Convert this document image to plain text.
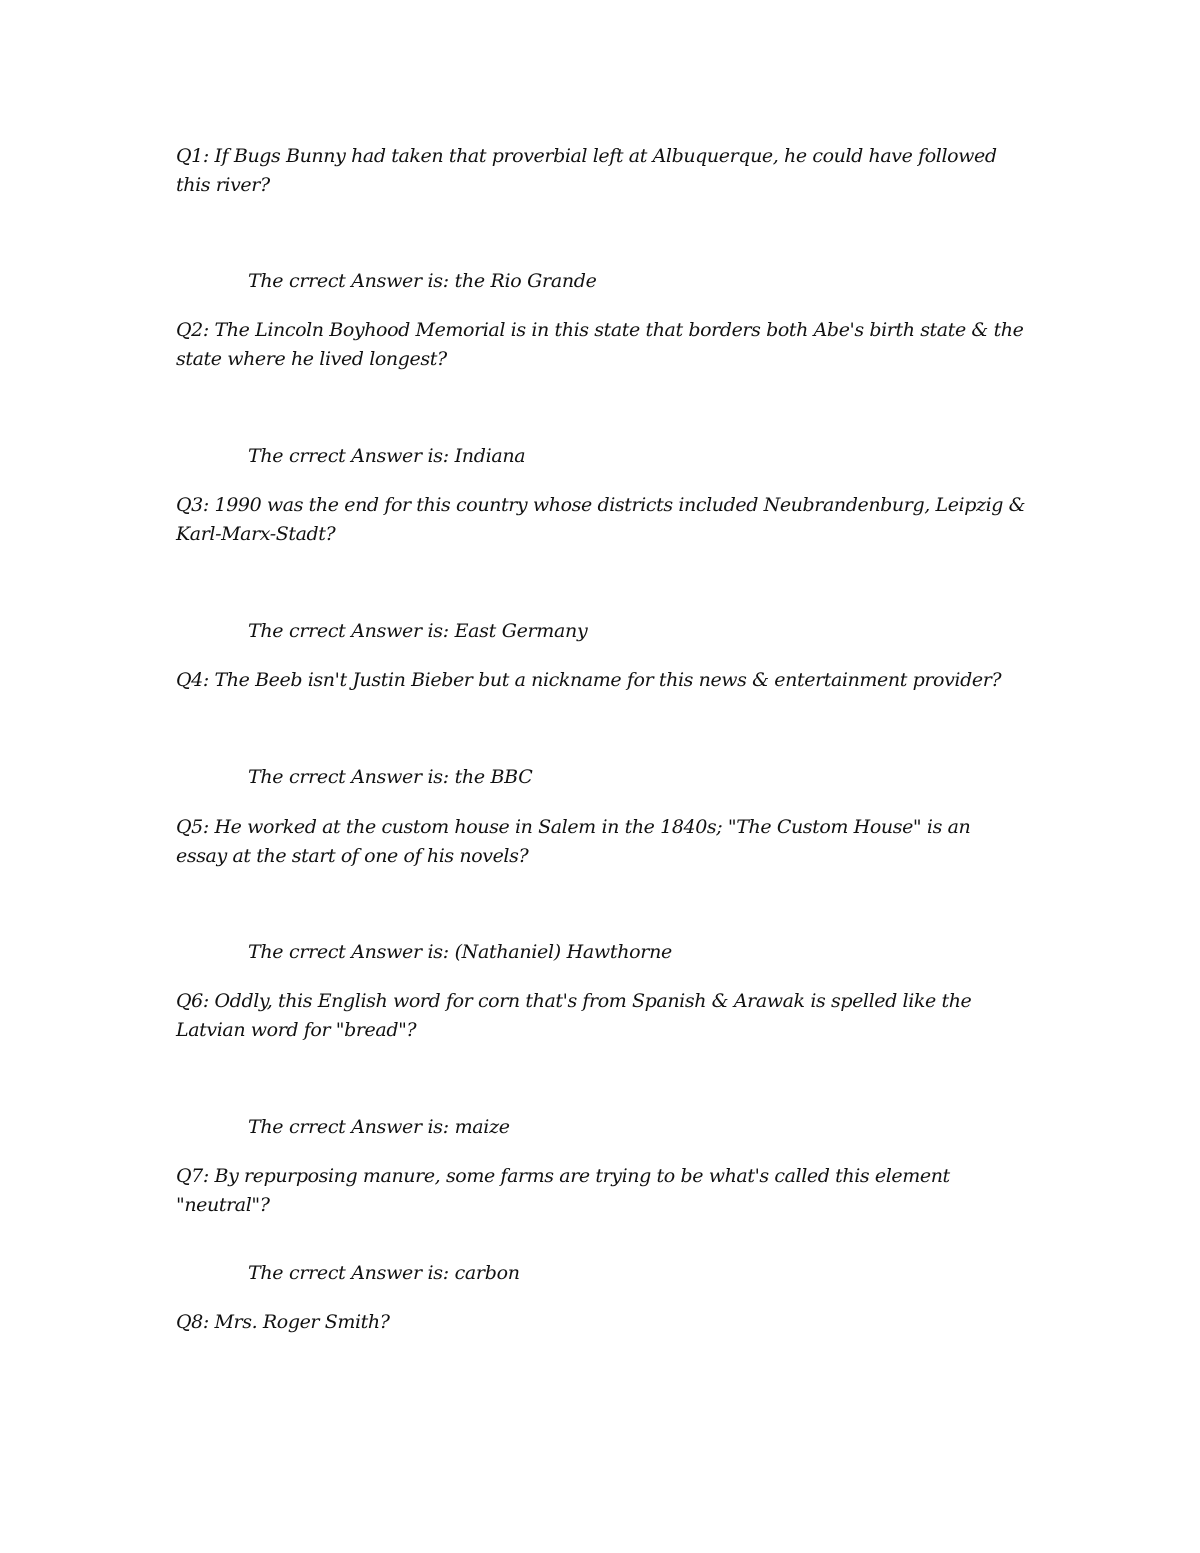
Q1: If Bugs Bunny had taken that proverbial left at Albuquerque, he could have followed this river?

The crrect Answer is: the Rio Grande

Q2: The Lincoln Boyhood Memorial is in this state that borders both Abe's birth state & the state where he lived longest?

The crrect Answer is: Indiana

Q3: 1990 was the end for this country whose districts included Neubrandenburg, Leipzig & Karl-Marx-Stadt?

The crrect Answer is: East Germany

Q4: The Beeb isn't Justin Bieber but a nickname for this news & entertainment provider?

The crrect Answer is: the BBC

Q5: He worked at the custom house in Salem in the 1840s; "The Custom House" is an essay at the start of one of his novels?

The crrect Answer is: (Nathaniel) Hawthorne

Q6: Oddly, this English word for corn that's from Spanish & Arawak is spelled like the Latvian word for "bread"?

The crrect Answer is: maize

Q7: By repurposing manure, some farms are trying to be what's called this element "neutral"?

The crrect Answer is: carbon

Q8: Mrs. Roger Smith?
